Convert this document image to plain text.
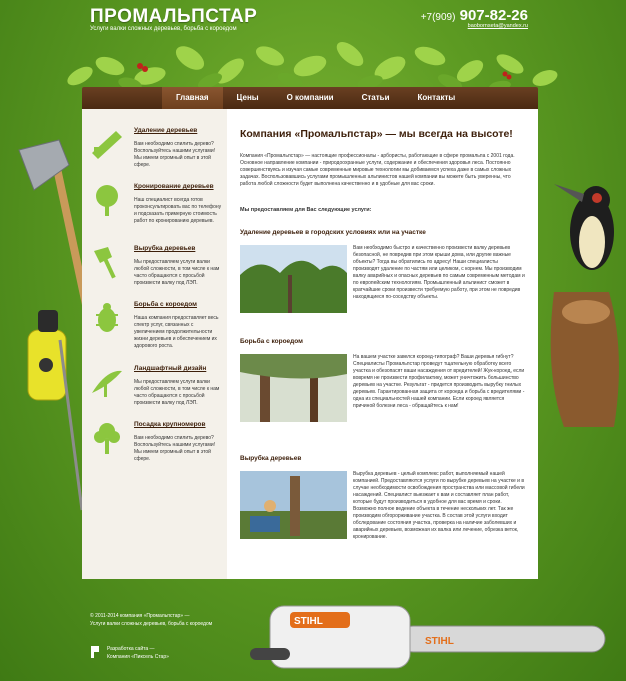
ПРОМАЛЬПСТАР
Услуги валки сложных деревьев, борьба с короедом
+7(909) 907-82-26
baobornseta@yandex.ru
Главная	Цены	О компании	Статьи	Контакты
Удаление деревьев
Вам необходимо спилить дерево? Воспользуйтесь нашими услугами! Мы имеем огромный опыт в этой сфере.
Кронирование деревьев
Наш специалист всегда готов проконсультировать вас по телефону и подсказать примерную стоимость работ по кронированию деревьев.
Вырубка деревьев
Мы предоставляем услуги валки любой сложности, в том числе к нам часто обращаются с просьбой произвести валку под ЛЭП.
Борьба с короедом
Наша компания предоставляет весь спектр услуг, связанных с увеличением продолжительности жизни деревьев и обеспечением их здорового роста.
Ландшафтный дизайн
Мы предоставляем услуги валки любой сложности, в том числе к нам часто обращаются с просьбой произвести валку под ЛЭП.
Посадка крупномеров
Вам необходимо спилить дерево? Воспользуйтесь нашими услугами! Мы имеем огромный опыт в этой сфере.
Компания «Промальпстар» — мы всегда на высоте!
Компания «Промальпстар» — настоящие профессионалы - арбористы, работающие в сфере промальпа с 2001 года. Основное направление компании - природоохранные услуги, содержание и обеспечения здоровья леса. Постоянно совершенствуясь и изучая самые современные мировые технологии мы добиваемся успеха даже в самых сложных задачах. Воспользовавшись услугами промышленных альпинистов нашей компании вы можете быть уверенны, что работа любой сложности будет выполнена качественно и в удобные для вас сроки.
Мы предоставляем для Вас следующие услуги:
Удаление деревьев в городских условиях или на участке
Вам необходимо быстро и качественно произвести валку деревьев безопасной, не повредив при этом крыши дома, или другие важные объекты? Тогда вы обратились по адресу! Наши специалисты производят удаление по частям или целиком, с корнем. Мы производим валку аварийных и опасных деревьев по самым современным методам и по европейским технологиям. Промышленный альпинист сможет в кратчайшие сроки произвести требуемую работу, при этом не повредив находящиеся по-соседству объекты.
Борьба с короедом
На вашем участке завелся короед-типограф? Ваши деревья гибнут? Специалисты Промальпстар проведут тщательную обработку всего участка и обезопасят ваши насаждения от вредителей! Жук-короед, если вовремя не произвести профилактику, может уничтожить большинство деревьев на участке. Результат - придется производить вырубку гнилых деревьев. Гарантированная защита от короеда и борьба с вредителями - одна из специальностей нашей компании. Если короед является причиной болезни леса - обращайтесь к нам!
Вырубка деревьев
Вырубка деревьев - целый комплекс работ, выполняемый нашей компанией. Предоставляются услуги по вырубке деревьев на участке и в случае необходимости освобождения пространства или массовой гибели насаждений. Специалист выезжает к вам и составляет план работ, которые будут производиться в удобное для вас время и сроки. Возможно полное ведение объекта в течение нескольких лет. Так же производим обгорорживание участка. В состав этой услуги входит обследование состояния участка, проверка на наличие заболевших и аварийных деревьев, возможная их валка или лечение, обрезка веток, кронирование.
STIHL
STIHL
© 2011-2014 компания «Промальпстар» —
Услуги валки сложных деревьев, борьба с короедом
Разработка сайта —
Компания «Пиксель Стар»
